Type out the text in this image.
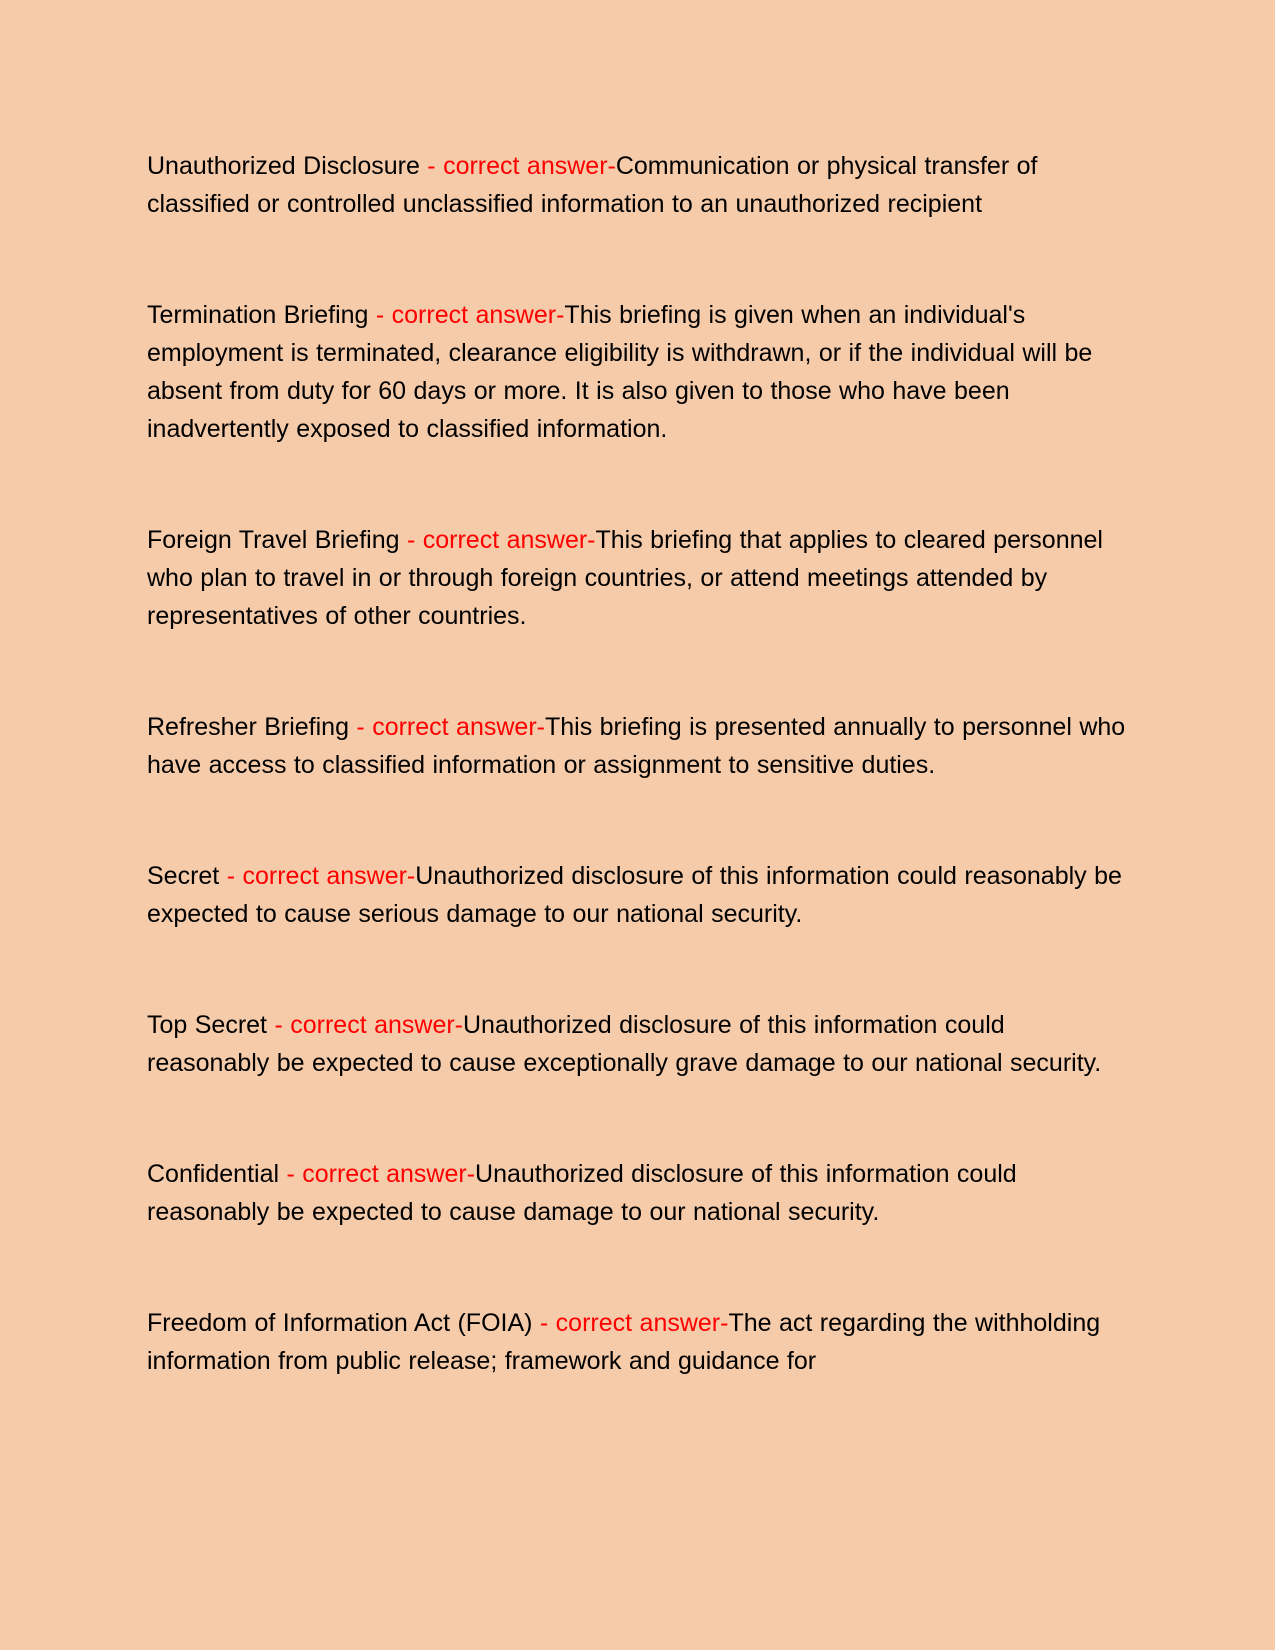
Unauthorized Disclosure - correct answer-Communication or physical transfer of classified or controlled unclassified information to an unauthorized recipient

Termination Briefing - correct answer-This briefing is given when an individual's employment is terminated, clearance eligibility is withdrawn, or if the individual will be absent from duty for 60 days or more. It is also given to those who have been inadvertently exposed to classified information.

Foreign Travel Briefing - correct answer-This briefing that applies to cleared personnel who plan to travel in or through foreign countries, or attend meetings attended by representatives of other countries.

Refresher Briefing - correct answer-This briefing is presented annually to personnel who have access to classified information or assignment to sensitive duties.

Secret - correct answer-Unauthorized disclosure of this information could reasonably be expected to cause serious damage to our national security.

Top Secret - correct answer-Unauthorized disclosure of this information could reasonably be expected to cause exceptionally grave damage to our national security.

Confidential - correct answer-Unauthorized disclosure of this information could reasonably be expected to cause damage to our national security.

Freedom of Information Act (FOIA) - correct answer-The act regarding the withholding information from public release; framework and guidance for
